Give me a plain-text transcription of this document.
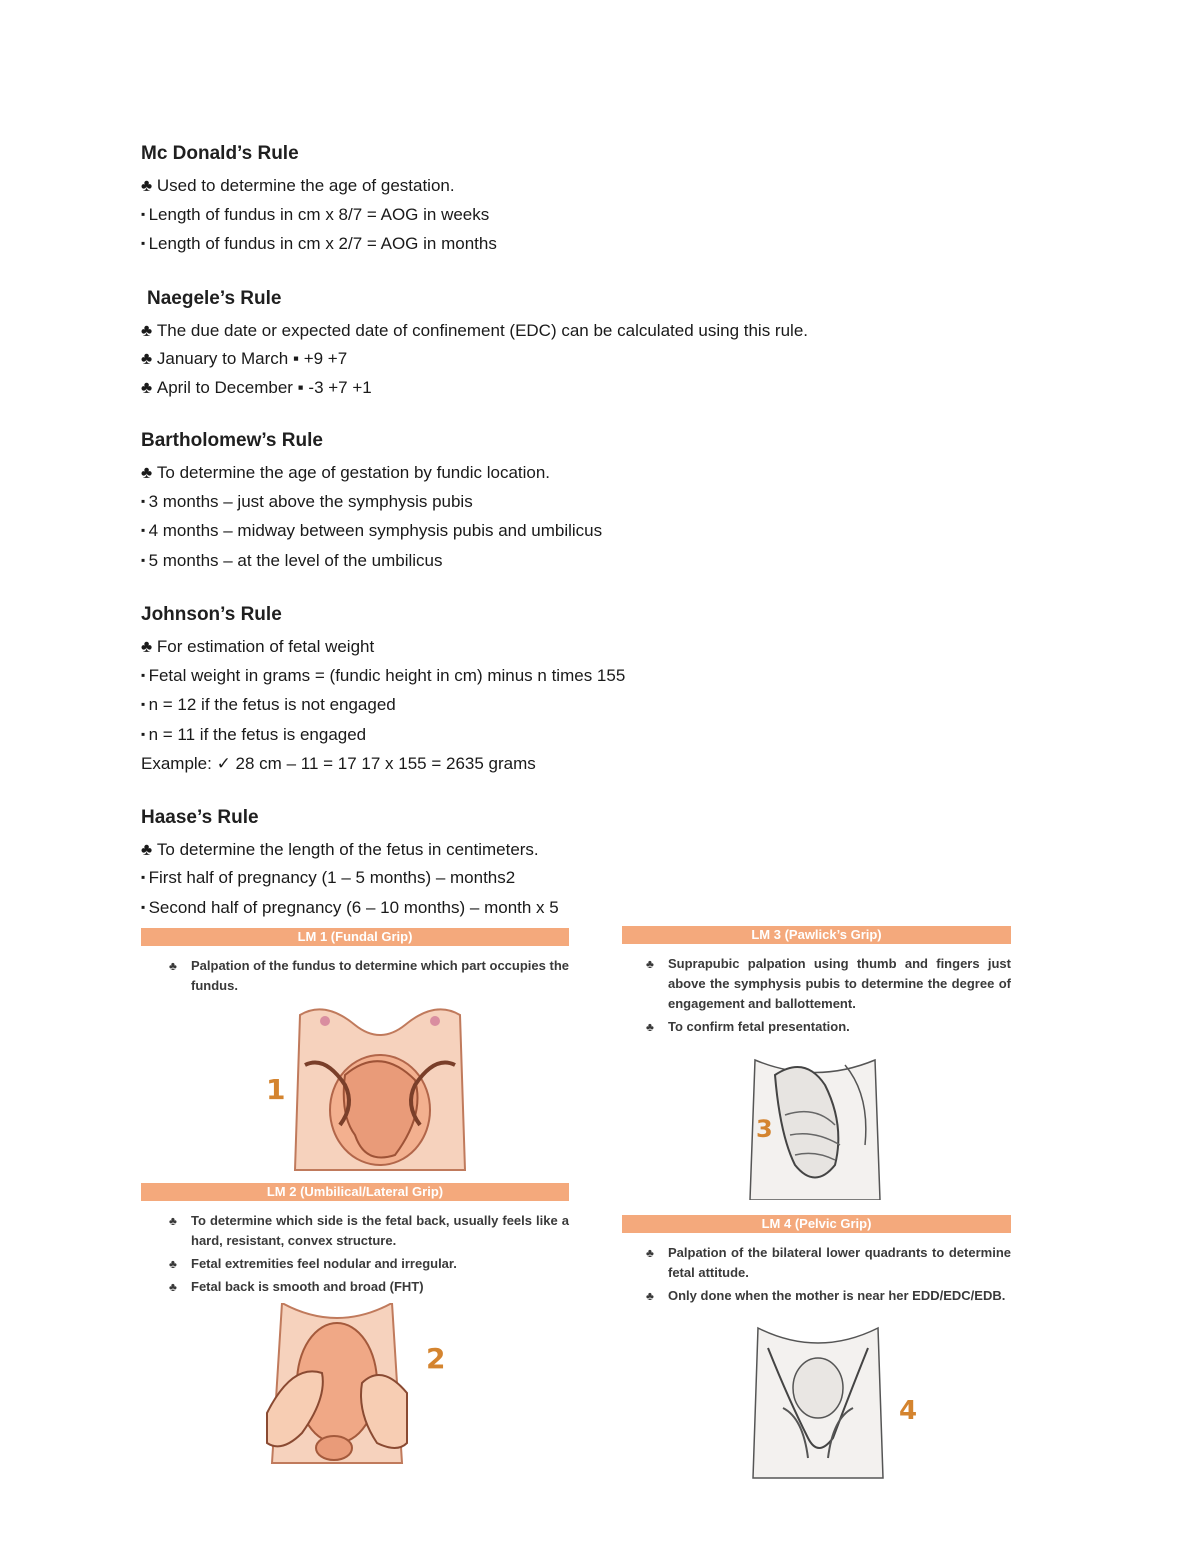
Mc Donald’s Rule

♣ Used to determine the age of gestation.

▪ Length of fundus in cm x 8/7 = AOG in weeks

▪ Length of fundus in cm x 2/7 = AOG in months

Naegele’s Rule

♣ The due date or expected date of confinement (EDC) can be calculated using this rule.

♣ January to March ▪ +9 +7

♣ April to December ▪ -3 +7 +1

Bartholomew’s Rule

♣ To determine the age of gestation by fundic location.

▪ 3 months – just above the symphysis pubis

▪ 4 months – midway between symphysis pubis and umbilicus

▪ 5 months – at the level of the umbilicus

Johnson’s Rule

♣ For estimation of fetal weight

▪ Fetal weight in grams = (fundic height in cm) minus n times 155

▪ n = 12 if the fetus is not engaged

▪ n = 11 if the fetus is engaged

Example: ✓ 28 cm – 11 = 17 17 x 155 = 2635 grams

Haase’s Rule

♣ To determine the length of the fetus in centimeters.

▪ First half of pregnancy (1 – 5 months) – months2

▪ Second half of pregnancy (6 – 10 months) – month x 5

LM 1 (Fundal Grip)
♣ Palpation of the fundus to determine which part occupies the fundus.
1
LM 2 (Umbilical/Lateral Grip)
♣ To determine which side is the fetal back, usually feels like a hard, resistant, convex structure.
♣ Fetal extremities feel nodular and irregular.
♣ Fetal back is smooth and broad (FHT)
2
LM 3 (Pawlick’s Grip)
♣ Suprapubic palpation using thumb and fingers just above the symphysis pubis to determine the degree of engagement and ballottement.
♣ To confirm fetal presentation.
3
LM 4 (Pelvic Grip)
♣ Palpation of the bilateral lower quadrants to determine fetal attitude.
♣ Only done when the mother is near her EDD/EDC/EDB.
4
